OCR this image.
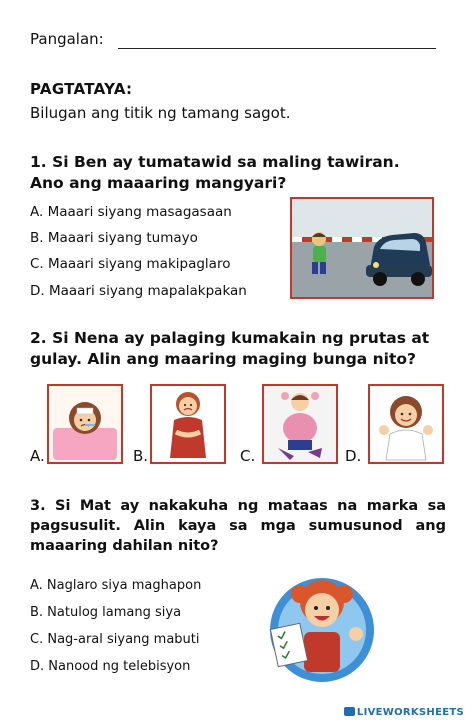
Pangalan:
PAGTATAYA:
Bilugan ang titik ng tamang sagot.
1. Si Ben ay tumatawid sa maling tawiran. Ano ang maaaring mangyari?
A. Maaari siyang masagasaan
B. Maaari siyang tumayo
C. Maaari siyang makipaglaro
D. Maaari siyang mapalakpakan
2. Si Nena ay palaging kumakain ng prutas at gulay. Alin ang maaring maging bunga nito?
A.	B.	C.	D.
3. Si Mat ay nakakuha ng mataas na marka sa pagsusulit. Alin kaya sa mga sumusunod ang maaaring dahilan nito?
A. Naglaro siya maghapon
B. Natulog lamang siya
C. Nag-aral siyang mabuti
D. Nanood ng telebisyon
LIVEWORKSHEETS
